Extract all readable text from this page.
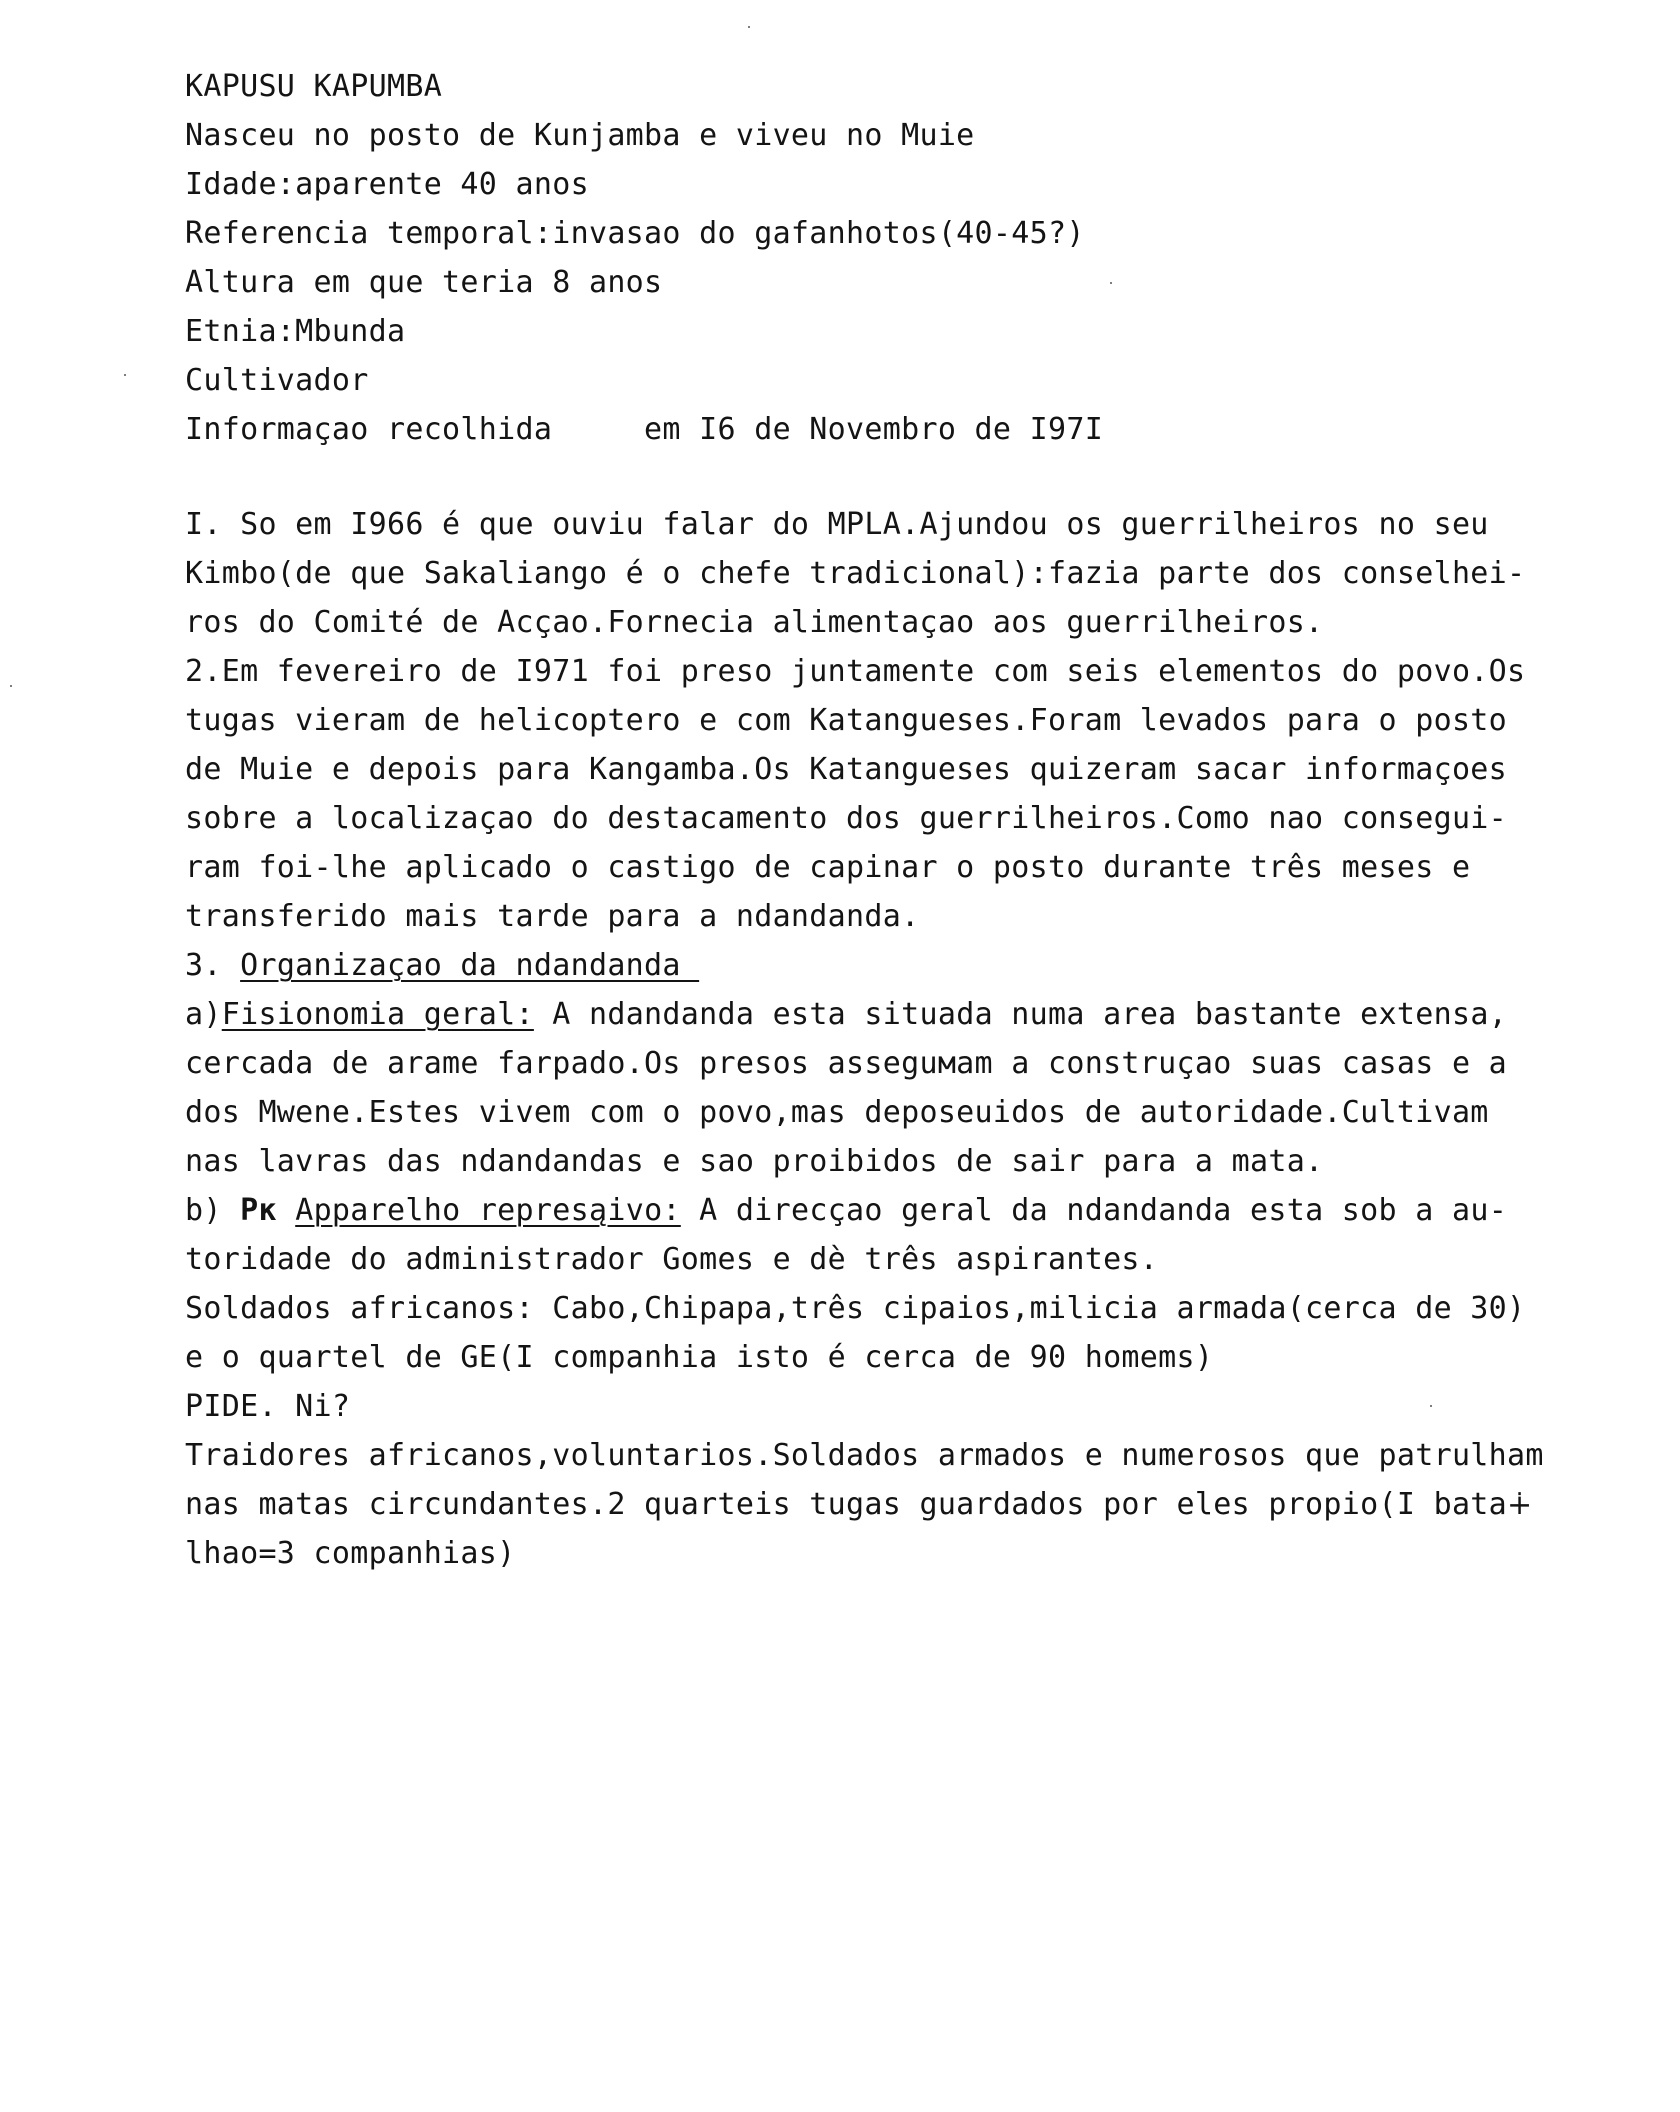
KAPUSU KAPUMBA
Nasceu no posto de Kunjamba e viveu no Muie
Idade:aparente 40 anos
Referencia temporal:invasao do gafanhotos(40-45?)
Altura em que teria 8 anos
Etnia:Mbunda
Cultivador
Informaçao recolhida     em I6 de Novembro de I97I
I. So em I966 é que ouviu falar do MPLA.Ajundou os guerrilheiros no seu
Kimbo(de que Sakaliango é o chefe tradicional):fazia parte dos conselhei-
ros do Comité de Acçao.Fornecia alimentaçao aos guerrilheiros.
2.Em fevereiro de I971 foi preso juntamente com seis elementos do povo.Os
tugas vieram de helicoptero e com Katangueses.Foram levados para o posto
de Muie e depois para Kangamba.Os Katangueses quizeram sacar informaçoes
sobre a localizaçao do destacamento dos guerrilheiros.Como nao consegui-
ram foi-lhe aplicado o castigo de capinar o posto durante três meses e
transferido mais tarde para a ndandanda.
3. Organizaçao da ndandanda
a)Fisionomia geral: A ndandanda esta situada numa area bastante extensa,
cercada de arame farpado.Os presos asseguмam a construçao suas casas e a
dos Mwene.Estes vivem com o povo,mas deposeuidos de autoridade.Cultivam
nas lavras das ndandandas e sao proibidos de sair para a mata.
b) Pк Apparelho represąivo: A direcçao geral da ndandanda esta sob a au-
toridade do administrador Gomes e dè três aspirantes.
Soldados africanos: Cabo,Chipapa,três cipaios,milicia armada(cerca de 30)
e o quartel de GE(I companhia isto é cerca de 90 homems)
PIDE. Ni?
Traidores africanos,voluntarios.Soldados armados e numerosos que patrulham
nas matas circundantes.2 quarteis tugas guardados por eles propio(I bata∔
lhao=3 companhias)
